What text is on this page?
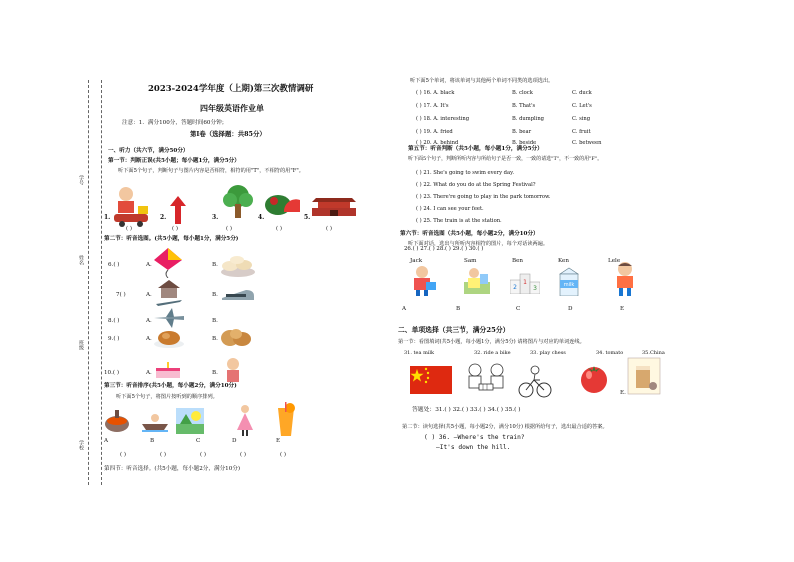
学号
姓名
班级
学校
2023-2024学年度（上期)第三次教情调研
四年级英语作业单
注意：1．满分100分，答题时间60分钟；
第Ⅰ卷（选择题：共85分）
一、听力（共六节，满分50分）
第一节：判断正误(共5小题；每小题1分，满分5分）
听下面5个句子，判断句子与图片内容是否相符，相符的用"T"，不相符的用"F"。
1.	2.	3.	4.	5.
( )	( )	( )	( )	( )
第二节：听音选图。(共5小题，每小题1分，满分5分)
6.( )	A.	B.
7( )	A.	B.
8.( )	A.	B.
9.( )	A.	B.
10.( )	A.	B.
第三节：听音排序(共5小题，每小题2分，满分10分)
听下面5个句子，将图片按听到的顺序排列。
A	B	C	D	E
( )	( )	( )	( )	( )
第四节：听音选择。(共5小题，每小题2分，满分10分)
听下面5个单词，将该单词与其他两个单词不同类的选项选出。
( ) 16. A. black	B. clock	C. duck
( ) 17. A. It's	B. That's	C. Let's
( ) 18. A. interesting	B. dumpling	C. sing
( ) 19. A. fried	B. bear	C. fruit
( ) 20. A. behind	B. beside	C. between
第五节：听音判断（共5小题，每小题1分，满分5分）
听下面5个句子，判断所听内容与所给句子是否一致，一致的请选"T"，不一致的用"F"。
( ) 21. She's going to swim every day.
( ) 22. What do you do at the Spring Festival?
( ) 23. There're going to play in the park tomorrow.
( ) 24. I can see your feet.
( ) 25. The train is at the station.
第六节：听音选图（共5小题，每小题2分，满分10分）
听下面对话，选出与所听内容相符的图片，每个对话读两遍。
26.( ) 27.( ) 28.( ) 29.( ) 30.( )
Jack	Sam	Ben	Ken	Lele
1
2	3	milk
A	B	C	D	E
二、单项选择（共三节，满分25分）
第一节：看图填词(共5小题，每小题1分，满分5分) 请将图片与对应的单词连线。
31. tea milk	32. ride a bike	33. play chess	34. tomato	35.China
E.
答题处：31.( ) 32.( ) 33.( ) 34.( ) 35.( )
第二节：读句选择(共5小题，每小题2分，满分10分) 根据所给句子，选出最合适的答案。
( ) 36. —Where's the train?
—It's down the hill.
